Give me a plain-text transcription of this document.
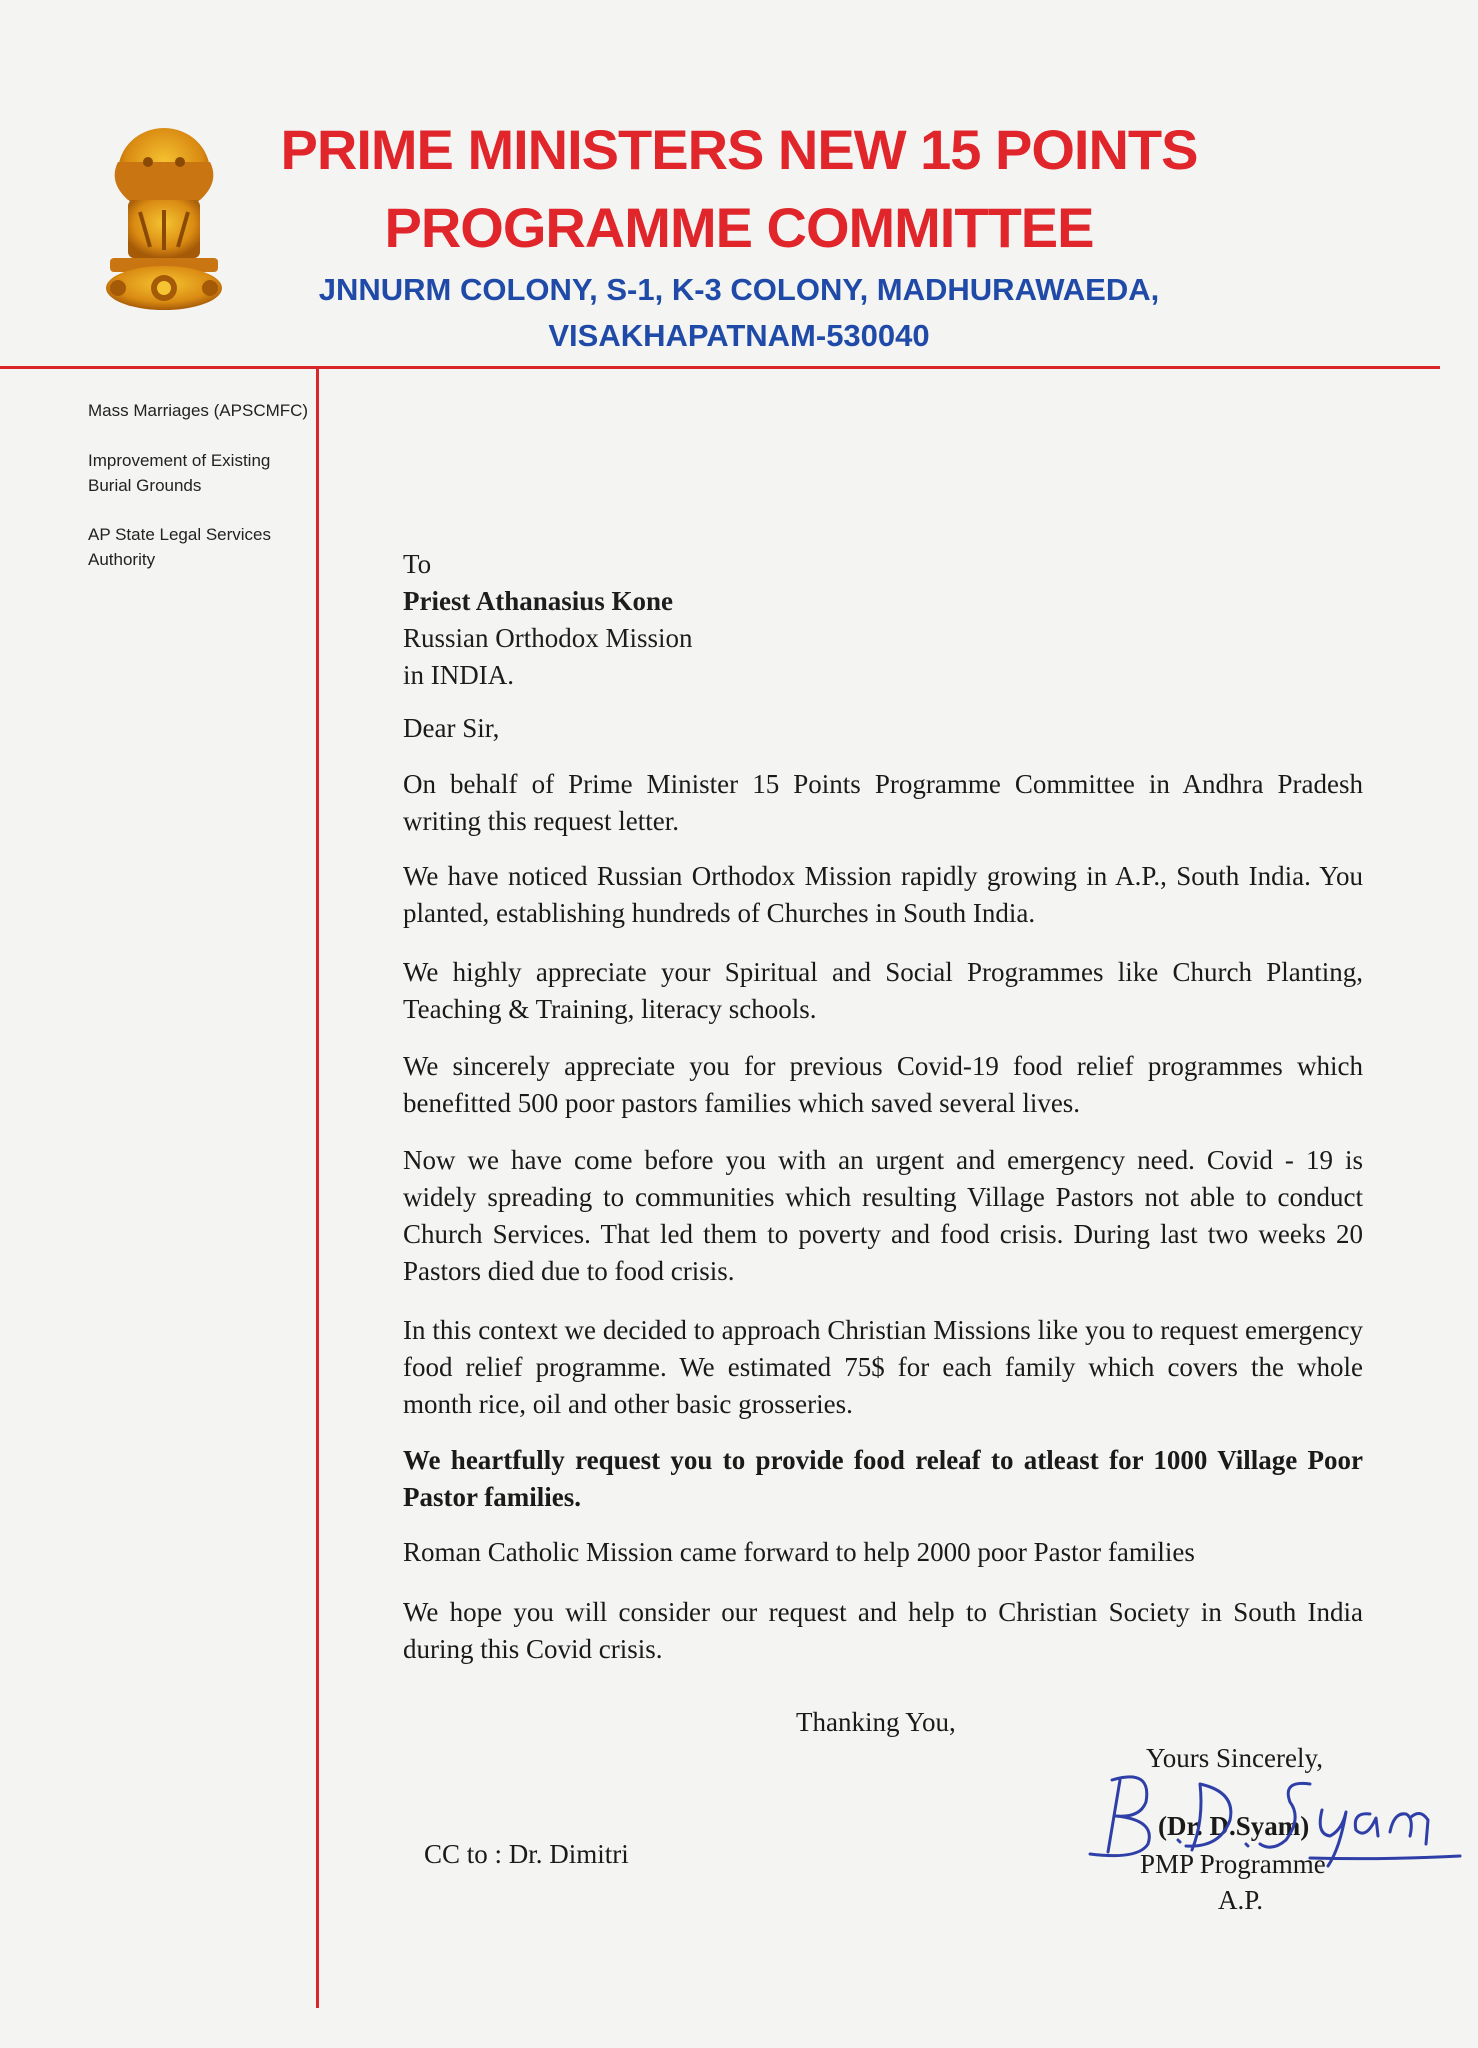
PRIME MINISTERS NEW 15 POINTS
PROGRAMME COMMITTEE
JNNURM COLONY, S-1, K-3 COLONY, MADHURAWAEDA,
VISAKHAPATNAM-530040
Mass Marriages (APSCMFC)
Improvement of Existing
Burial Grounds
AP State Legal Services
Authority	To
Priest Athanasius Kone
Russian Orthodox Mission
in INDIA.
Dear Sir,
On behalf of Prime Minister 15 Points Programme Committee in Andhra Pradesh writing this request letter.
We have noticed Russian Orthodox Mission rapidly growing in A.P., South India. You planted, establishing hundreds of Churches in South India.
We highly appreciate your Spiritual and Social Programmes like Church Planting, Teaching & Training, literacy schools.
We sincerely appreciate you for previous Covid-19 food relief programmes which benefitted 500 poor pastors families which saved several lives.
Now we have come before you with an urgent and emergency need. Covid - 19 is widely spreading to communities which resulting Village Pastors not able to conduct Church Services. That led them to poverty and food crisis. During last two weeks 20 Pastors died due to food crisis.
In this context we decided to approach Christian Missions like you to request emergency food relief programme. We estimated 75$ for each family which covers the whole month rice, oil and other basic grosseries.
We heartfully request you to provide food releaf to atleast for 1000 Village Poor Pastor families.
Roman Catholic Mission came forward to help 2000 poor Pastor families
We hope you will consider our request and help to Christian Society in South India during this Covid crisis.
Thanking You,
Yours Sincerely,
(Dr. D.Syam)
PMP Programme
A.P.
CC to : Dr. Dimitri
